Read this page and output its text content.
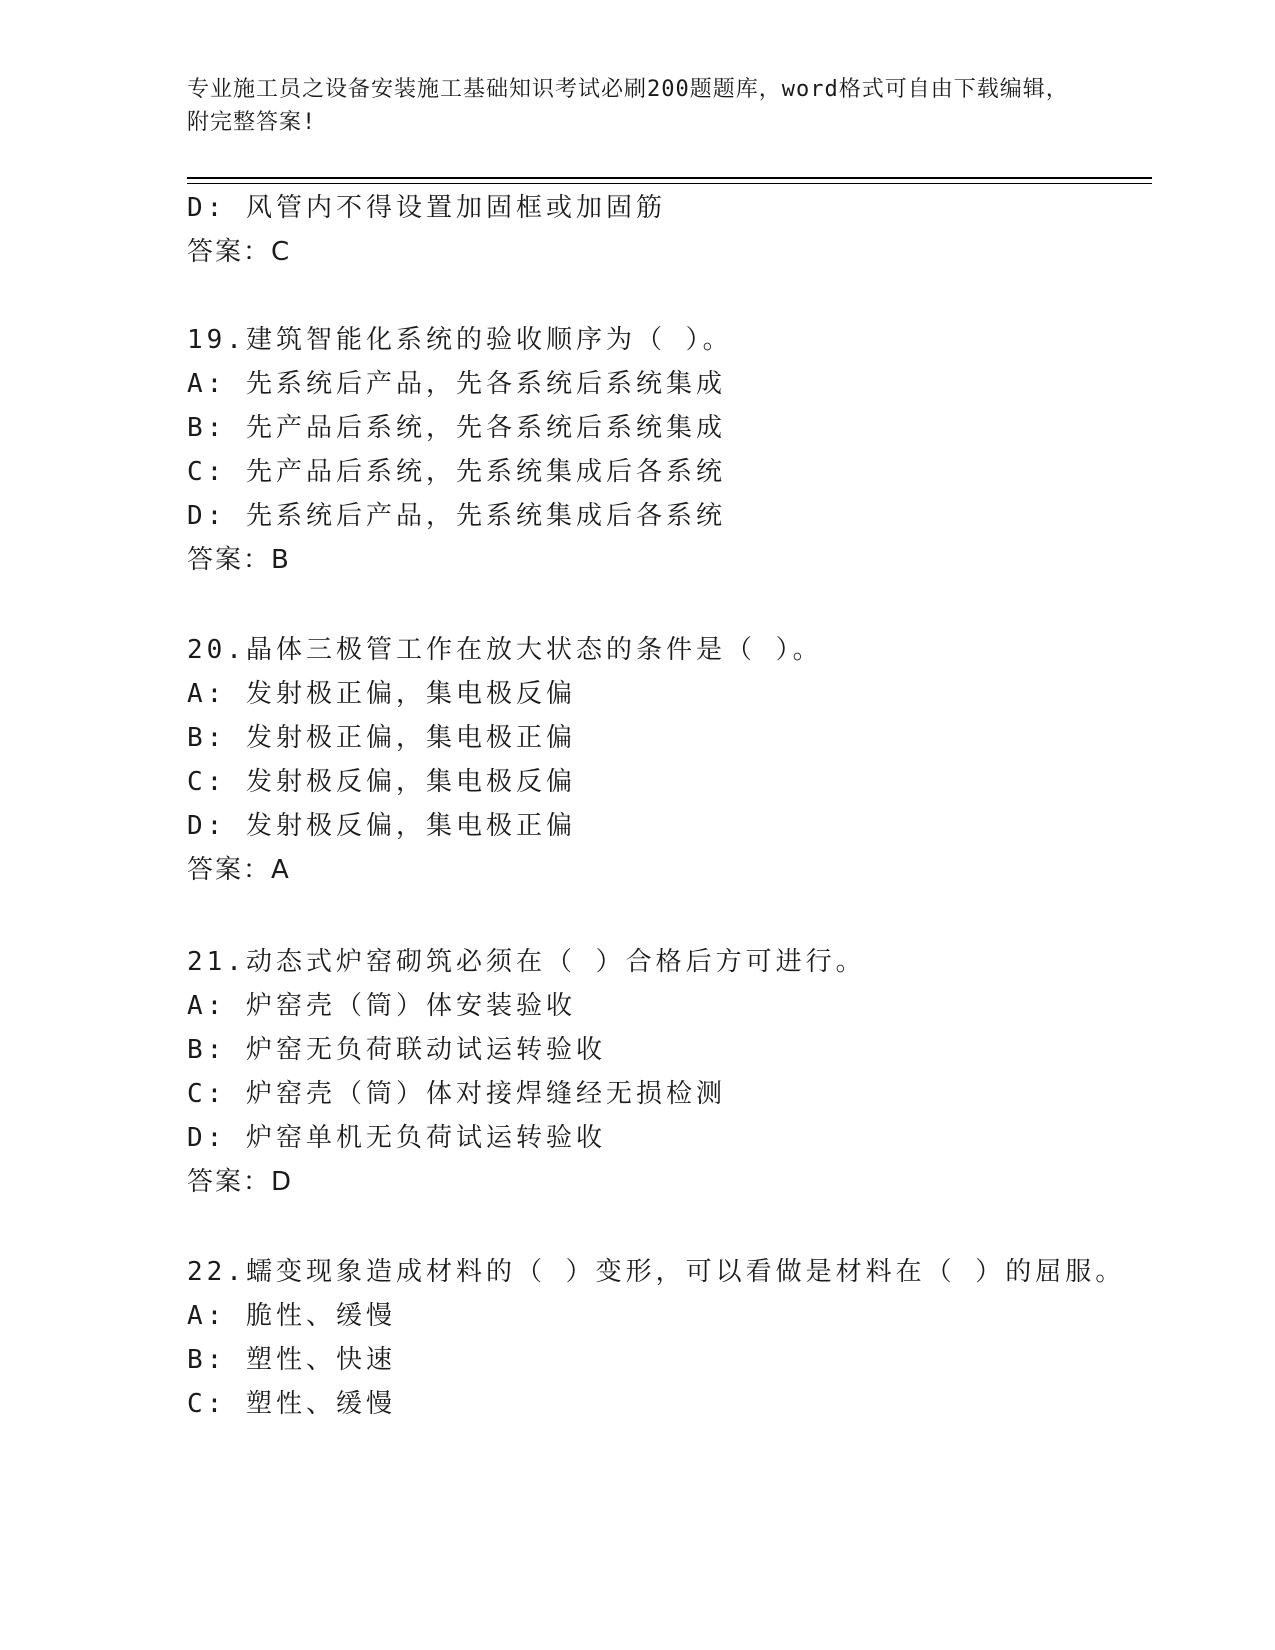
专业施工员之设备安装施工基础知识考试必刷200题题库，word格式可自由下载编辑，附完整答案!
D: 风管内不得设置加固框或加固筋
答案：C
19.建筑智能化系统的验收顺序为（ ）。
A: 先系统后产品，先各系统后系统集成
B: 先产品后系统，先各系统后系统集成
C: 先产品后系统，先系统集成后各系统
D: 先系统后产品，先系统集成后各系统
答案：B
20.晶体三极管工作在放大状态的条件是（ ）。
A: 发射极正偏，集电极反偏
B: 发射极正偏，集电极正偏
C: 发射极反偏，集电极反偏
D: 发射极反偏，集电极正偏
答案：A
21.动态式炉窑砌筑必须在（ ）合格后方可进行。
A: 炉窑壳（筒）体安装验收
B: 炉窑无负荷联动试运转验收
C: 炉窑壳（筒）体对接焊缝经无损检测
D: 炉窑单机无负荷试运转验收
答案：D
22.蠕变现象造成材料的（ ）变形，可以看做是材料在（ ）的屈服。
A: 脆性、缓慢
B: 塑性、快速
C: 塑性、缓慢
